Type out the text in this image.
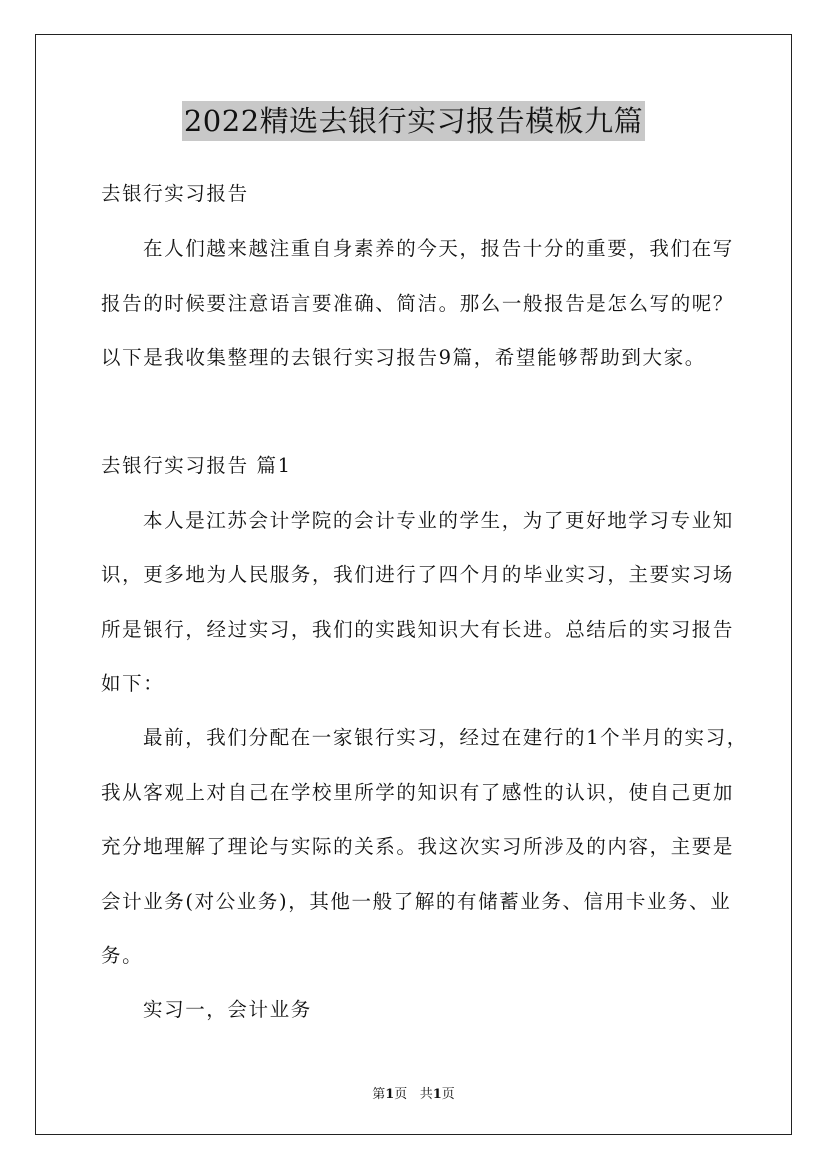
2022精选去银行实习报告模板九篇
去银行实习报告
在人们越来越注重自身素养的今天，报告十分的重要，我们在写
报告的时候要注意语言要准确、简洁。那么一般报告是怎么写的呢？
以下是我收集整理的去银行实习报告9篇，希望能够帮助到大家。
去银行实习报告 篇1
本人是江苏会计学院的会计专业的学生，为了更好地学习专业知
识，更多地为人民服务，我们进行了四个月的毕业实习，主要实习场
所是银行，经过实习，我们的实践知识大有长进。总结后的实习报告
如下：
最前，我们分配在一家银行实习，经过在建行的1个半月的实习，
我从客观上对自己在学校里所学的知识有了感性的认识，使自己更加
充分地理解了理论与实际的关系。我这次实习所涉及的内容，主要是
会计业务(对公业务)，其他一般了解的有储蓄业务、信用卡业务、业
务。
实习一，会计业务
第1页 共1页
